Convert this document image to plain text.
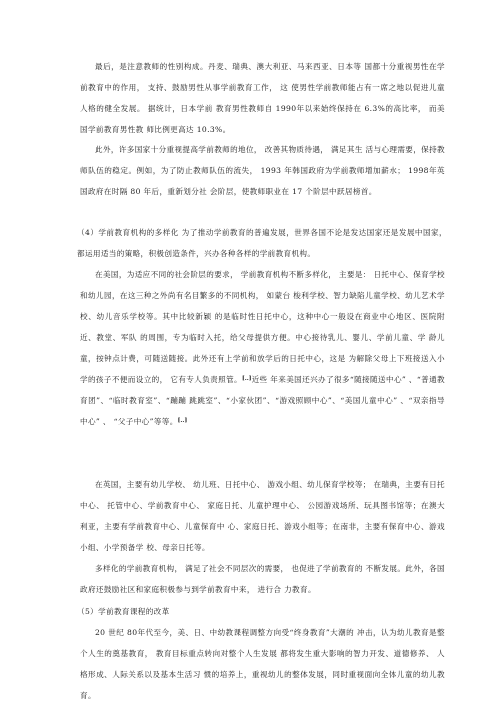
最后，是注意教师的性别构成。丹麦、瑞典、澳大利亚、马来西亚、日本等 国都十分重视男性在学前教育中的作用， 支持、鼓励男性从事学前教育工作， 这 使男性学前教师能占有一席之地以促进儿童人格的健全发展。 据统计，日本学前 教育男性教师自 1990年以来始终保持在 6.3%的高比率， 而美国学前教育男性教 师比例更高达 10.3%。
此外，许多国家十分重视提高学前教师的地位， 改善其物质待遇， 满足其生 活与心理需要，保持教师队伍的稳定。例如，为了防止教师队伍的流失， 1993 年韩国政府为学前教师增加薪水； 1998年英国政府在时隔 80 年后，重新划分社 会阶层，使教师职业在 17 个阶层中跃居榜首。
（4）学前教育机构的多样化 为了推动学前教育的普遍发展，世界各国不论是发达国家还是发展中国家， 都运用适当的策略，积极创造条件，兴办各种各样的学前教育机构。
在美国，为适应不同的社会阶层的要求， 学前教育机构不断多样化， 主要是： 日托中心、保育学校和幼儿园，在这三种之外尚有名目繁多的不同机构， 如蒙台 梭利学校、智力缺陷儿童学校、幼儿艺术学校、幼儿音乐学校等。其中比较新颖 的是临时性日托中心，这种中心一般设在商业中心地区、医院附近、教堂、军队 的周围，专为临时入托，给父母提供方便。中心接待乳儿、婴儿、学前儿童、学 龄儿童，按钟点计费，可随送随接。此外还有上学前和放学后的日托中心，这是 为解除父母上下班接送入小学的孩子不便而设立的， 它有专人负责照管。[..]近些 年来美国还兴办了很多“随接随送中心” 、“普通教育团”、“临时教育室”、“蹦蹦 跳跳室”、“小家伙团”、“游戏照顾中心”、“美国儿童中心” 、“双亲指导中心” 、 “父子中心”等等。[..]
在英国，主要有幼儿学校、 幼儿班、日托中心、 游戏小组、幼儿保育学校等； 在瑞典，主要有日托中心、 托管中心、学前教育中心、 家庭日托、儿童护理中心、 公园游戏场所、玩具图书馆等；在澳大利亚，主要有学前教育中心、儿童保育中 心、家庭日托、游戏小组等；在南非，主要有保育中心、游戏小组、小学预备学 校、母亲日托等。
多样化的学前教育机构， 满足了社会不同层次的需要， 也促进了学前教育的 不断发展。此外，各国政府还鼓励社区和家庭积极参与到学前教育中来， 进行合 力教育。
（5）学前教育课程的改革
20 世纪 80年代至今，美、日、中幼教课程调整方向受“终身教育”大潮的 冲击，认为幼儿教育是整个人生的奠基教育， 教育目标重点转向对整个人生发展 都将发生重大影响的智力开发、道德修养、 人格形成、人际关系以及基本生活习 惯的培养上，重视幼儿的整体发展，同时重视面向全体儿童的幼儿教育。
